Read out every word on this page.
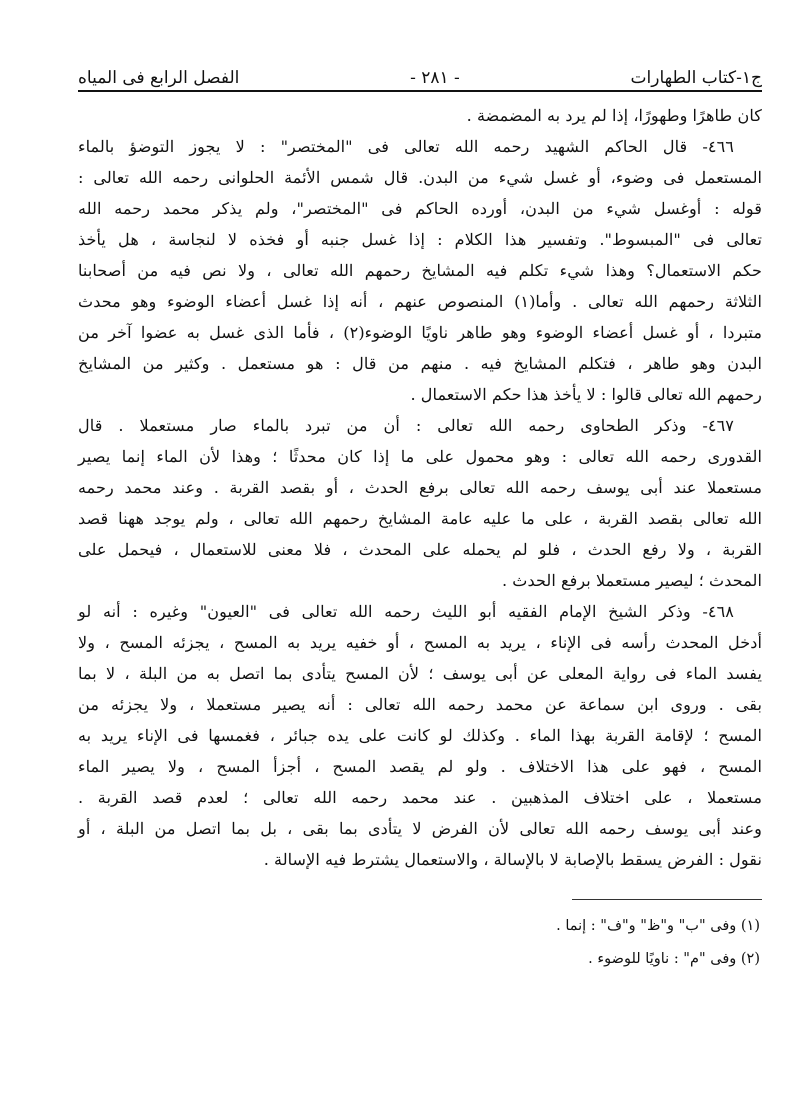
ج١-كتاب الطهارات
- ٢٨١ -
الفصل الرابع فى المياه
كان طاهرًا وطهورًا، إذا لم يرد به المضمضة .
٤٦٦- قال الحاكم الشهيد رحمه الله تعالى فى "المختصر" : لا يجوز التوضؤ بالماء
المستعمل فى وضوء، أو غسل شيء من البدن. قال شمس الأئمة الحلوانى رحمه الله تعالى :
قوله : أوغسل شيء من البدن، أورده الحاكم فى "المختصر"، ولم يذكر محمد رحمه الله
تعالى فى "المبسوط". وتفسير هذا الكلام : إذا غسل جنبه أو فخذه لا لنجاسة ، هل يأخذ
حكم الاستعمال؟ وهذا شيء تكلم فيه المشايخ رحمهم الله تعالى ، ولا نص فيه من أصحابنا
الثلاثة رحمهم الله تعالى . وأما(١) المنصوص عنهم ، أنه إذا غسل أعضاء الوضوء وهو محدث
متبردا ، أو غسل أعضاء الوضوء وهو طاهر ناويًا الوضوء(٢) ، فأما الذى غسل به عضوا آخر من
البدن وهو طاهر ، فتكلم المشايخ فيه . منهم من قال : هو مستعمل . وكثير من المشايخ
رحمهم الله تعالى قالوا : لا يأخذ هذا حكم الاستعمال .
٤٦٧- وذكر الطحاوى رحمه الله تعالى : أن من تبرد بالماء صار مستعملا . قال
القدورى رحمه الله تعالى : وهو محمول على ما إذا كان محدثًا ؛ وهذا لأن الماء إنما يصير
مستعملا عند أبى يوسف رحمه الله تعالى برفع الحدث ، أو بقصد القربة . وعند محمد رحمه
الله تعالى بقصد القربة ، على ما عليه عامة المشايخ رحمهم الله تعالى ، ولم يوجد ههنا قصد
القربة ، ولا رفع الحدث ، فلو لم يحمله على المحدث ، فلا معنى للاستعمال ، فيحمل على
المحدث ؛ ليصير مستعملا برفع الحدث .
٤٦٨- وذكر الشيخ الإمام الفقيه أبو الليث رحمه الله تعالى فى "العيون" وغيره : أنه لو
أدخل المحدث رأسه فى الإناء ، يريد به المسح ، أو خفيه يريد به المسح ، يجزئه المسح ، ولا
يفسد الماء فى رواية المعلى عن أبى يوسف ؛ لأن المسح يتأدى بما اتصل به من البلة ، لا بما
بقى . وروى ابن سماعة عن محمد رحمه الله تعالى : أنه يصير مستعملا ، ولا يجزئه من
المسح ؛ لإقامة القربة بهذا الماء . وكذلك لو كانت على يده جبائر ، فغمسها فى الإناء يريد به
المسح ، فهو على هذا الاختلاف . ولو لم يقصد المسح ، أجزأ المسح ، ولا يصير الماء
مستعملا ، على اختلاف المذهبين . عند محمد رحمه الله تعالى ؛ لعدم قصد القربة .
وعند أبى يوسف رحمه الله تعالى لأن الفرض لا يتأدى بما بقى ، بل بما اتصل من البلة ، أو
نقول : الفرض يسقط بالإصابة لا بالإسالة ، والاستعمال يشترط فيه الإسالة .
(١) وفى "ب" و"ظ" و"ف" : إنما .
(٢) وفى "م" : ناويًا للوضوء .
